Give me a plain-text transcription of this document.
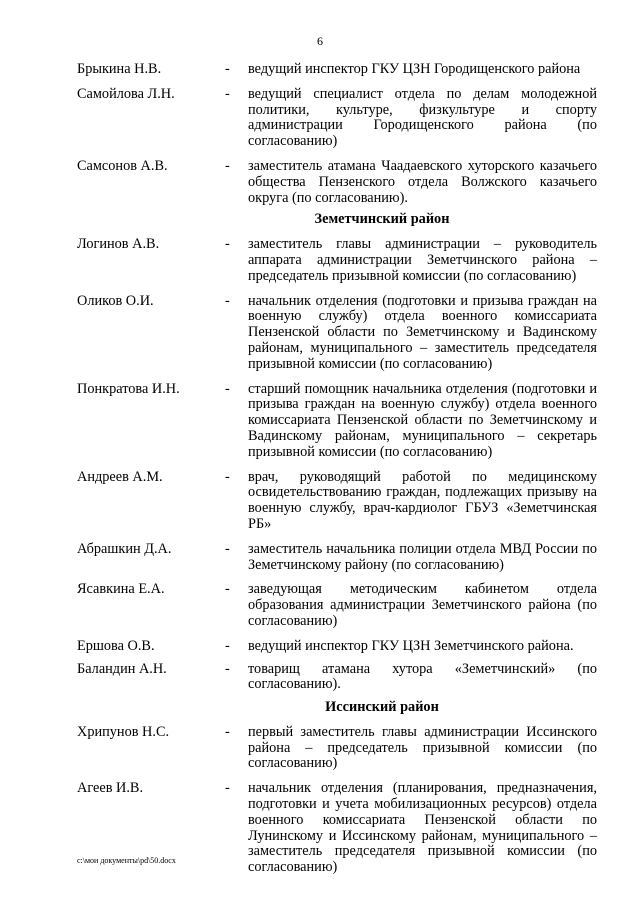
6
Брыкина Н.В.	-	ведущий инспектор ГКУ ЦЗН Городищенского района
Самойлова Л.Н.	-	ведущий специалист отдела по делам молодежной политики, культуре, физкультуре и спорту администрации Городищенского района (по согласованию)
Самсонов А.В.	-	заместитель атамана Чаадаевского хуторского казачьего общества Пензенского отдела Волжского казачьего округа (по согласованию).
Земетчинский район
Логинов А.В.	-	заместитель главы администрации – руководитель аппарата администрации Земетчинского района – председатель призывной комиссии (по согласованию)
Оликов О.И.	-	начальник отделения (подготовки и призыва граждан на военную службу) отдела военного комиссариата Пензенской области по Земетчинскому и Вадинскому районам, муниципального – заместитель председателя призывной комиссии (по согласованию)
Понкратова И.Н.	-	старший помощник начальника отделения (подготовки и призыва граждан на военную службу) отдела военного комиссариата Пензенской области по Земетчинскому и Вадинскому районам, муниципального – секретарь призывной комиссии (по согласованию)
Андреев А.М.	-	врач, руководящий работой по медицинскому освидетельствованию граждан, подлежащих призыву на военную службу, врач-кардиолог ГБУЗ «Земетчинская РБ»
Абрашкин Д.А.	-	заместитель начальника полиции отдела МВД России по Земетчинскому району (по согласованию)
Ясавкина Е.А.	-	заведующая методическим кабинетом отдела образования администрации Земетчинского района (по согласованию)
Ершова О.В.	-	ведущий инспектор ГКУ ЦЗН Земетчинского района.
Баландин А.Н.	-	товарищ атамана хутора «Земетчинский» (по согласованию).
Иссинский район
Хрипунов Н.С.	-	первый заместитель главы администрации Иссинского района – председатель призывной комиссии (по согласованию)
Агеев И.В.	-	начальник отделения (планирования, предназначения, подготовки и учета мобилизационных ресурсов) отдела военного комиссариата Пензенской области по Лунинскому и Иссинскому районам, муниципального – заместитель председателя призывной комиссии (по согласованию)
c:\мои документы\pd\50.docx
